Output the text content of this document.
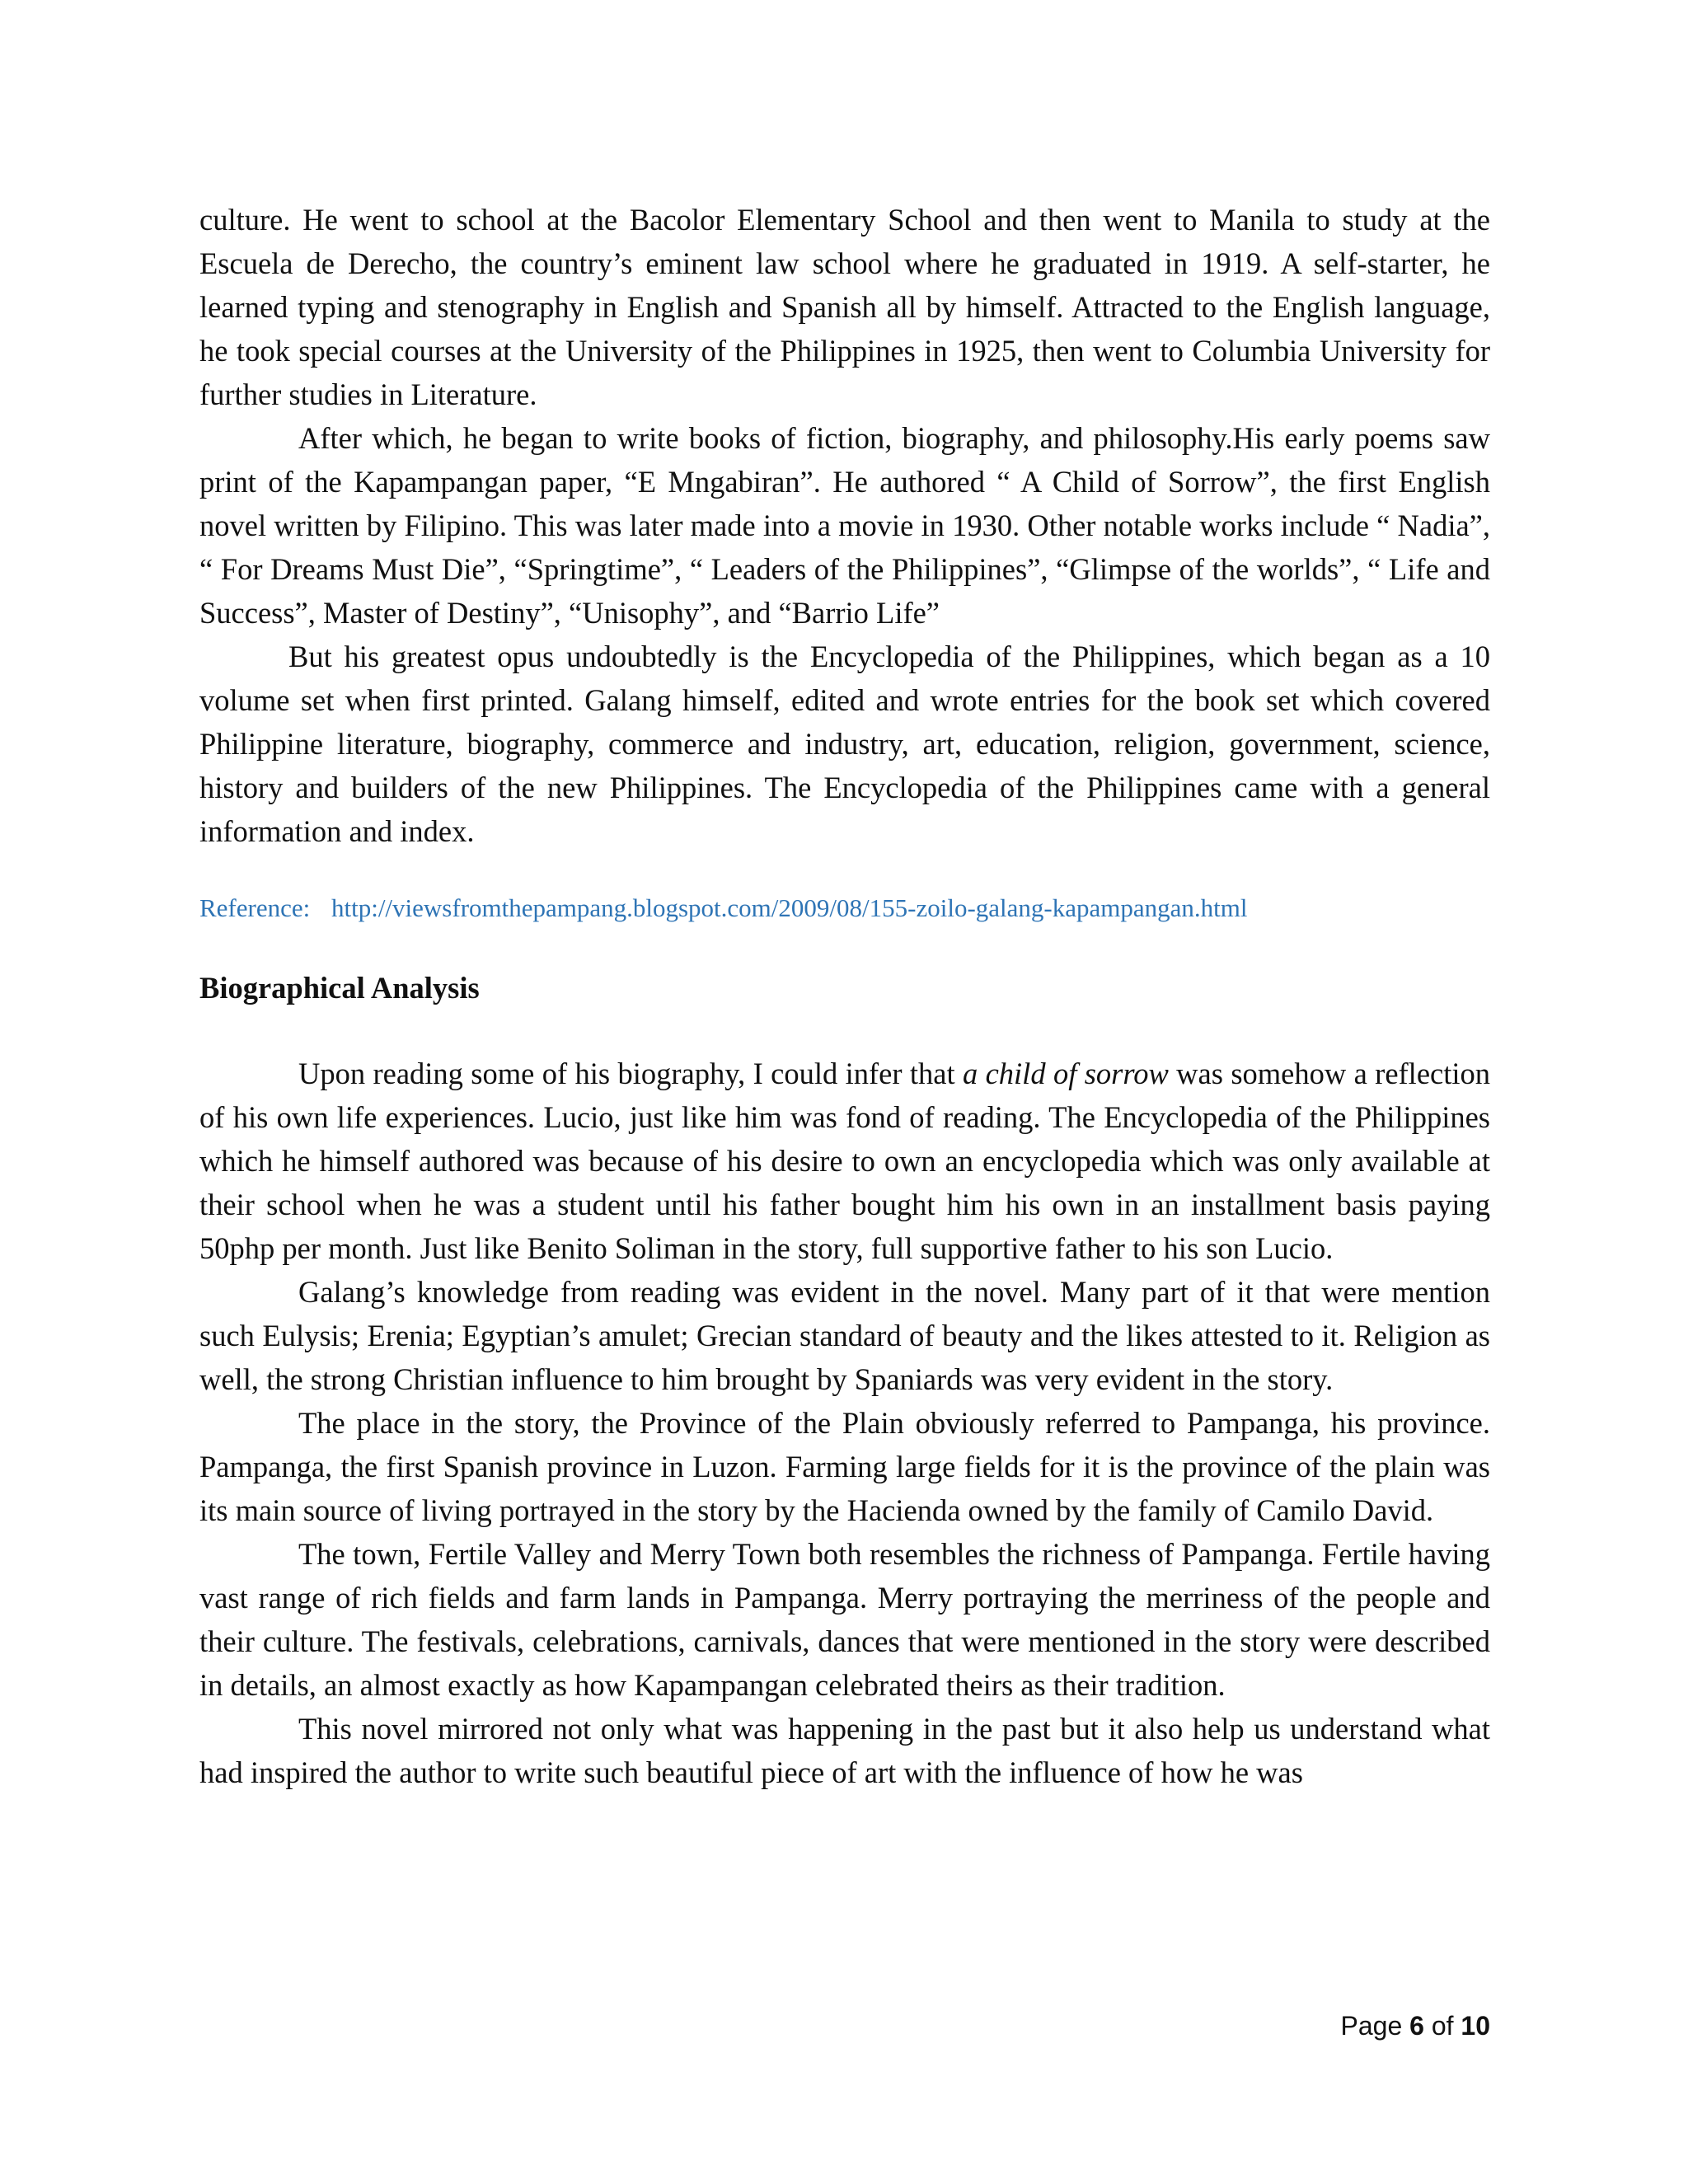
culture. He went to school at the Bacolor Elementary School and then went to Manila to study at the Escuela de Derecho, the country’s eminent law school where he graduated in 1919. A self-starter, he learned typing and stenography in English and Spanish all by himself. Attracted to the English language, he took special courses at the University of the Philippines in 1925, then went to Columbia University for further studies in Literature.

After which, he began to write books of fiction, biography, and philosophy.His early poems saw print of the Kapampangan paper, “E Mngabiran”. He authored “ A Child of Sorrow”, the first English novel written by Filipino. This was later made into a movie in 1930. Other notable works include “ Nadia”, “ For Dreams Must Die”, “Springtime”, “ Leaders of the Philippines”, “Glimpse of the worlds”, “ Life and Success”, Master of Destiny”, “Unisophy”, and “Barrio Life”

But his greatest opus undoubtedly is the Encyclopedia of the Philippines, which began as a 10 volume set when first printed. Galang himself, edited and wrote entries for the book set which covered Philippine literature, biography, commerce and industry, art, education, religion, government, science, history and builders of the new Philippines. The Encyclopedia of the Philippines came with a general information and index.

Reference: http://viewsfromthepampang.blogspot.com/2009/08/155-zoilo-galang-kapampangan.html
Biographical Analysis

Upon reading some of his biography, I could infer that a child of sorrow was somehow a reflection of his own life experiences. Lucio, just like him was fond of reading. The Encyclopedia of the Philippines which he himself authored was because of his desire to own an encyclopedia which was only available at their school when he was a student until his father bought him his own in an installment basis paying 50php per month. Just like Benito Soliman in the story, full supportive father to his son Lucio.

Galang’s knowledge from reading was evident in the novel. Many part of it that were mention such Eulysis; Erenia; Egyptian’s amulet; Grecian standard of beauty and the likes attested to it. Religion as well, the strong Christian influence to him brought by Spaniards was very evident in the story.

The place in the story, the Province of the Plain obviously referred to Pampanga, his province. Pampanga, the first Spanish province in Luzon. Farming large fields for it is the province of the plain was its main source of living portrayed in the story by the Hacienda owned by the family of Camilo David.

The town, Fertile Valley and Merry Town both resembles the richness of Pampanga. Fertile having vast range of rich fields and farm lands in Pampanga. Merry portraying the merriness of the people and their culture. The festivals, celebrations, carnivals, dances that were mentioned in the story were described in details, an almost exactly as how Kapampangan celebrated theirs as their tradition.

This novel mirrored not only what was happening in the past but it also help us understand what had inspired the author to write such beautiful piece of art with the influence of how he was

Page 6 of 10
